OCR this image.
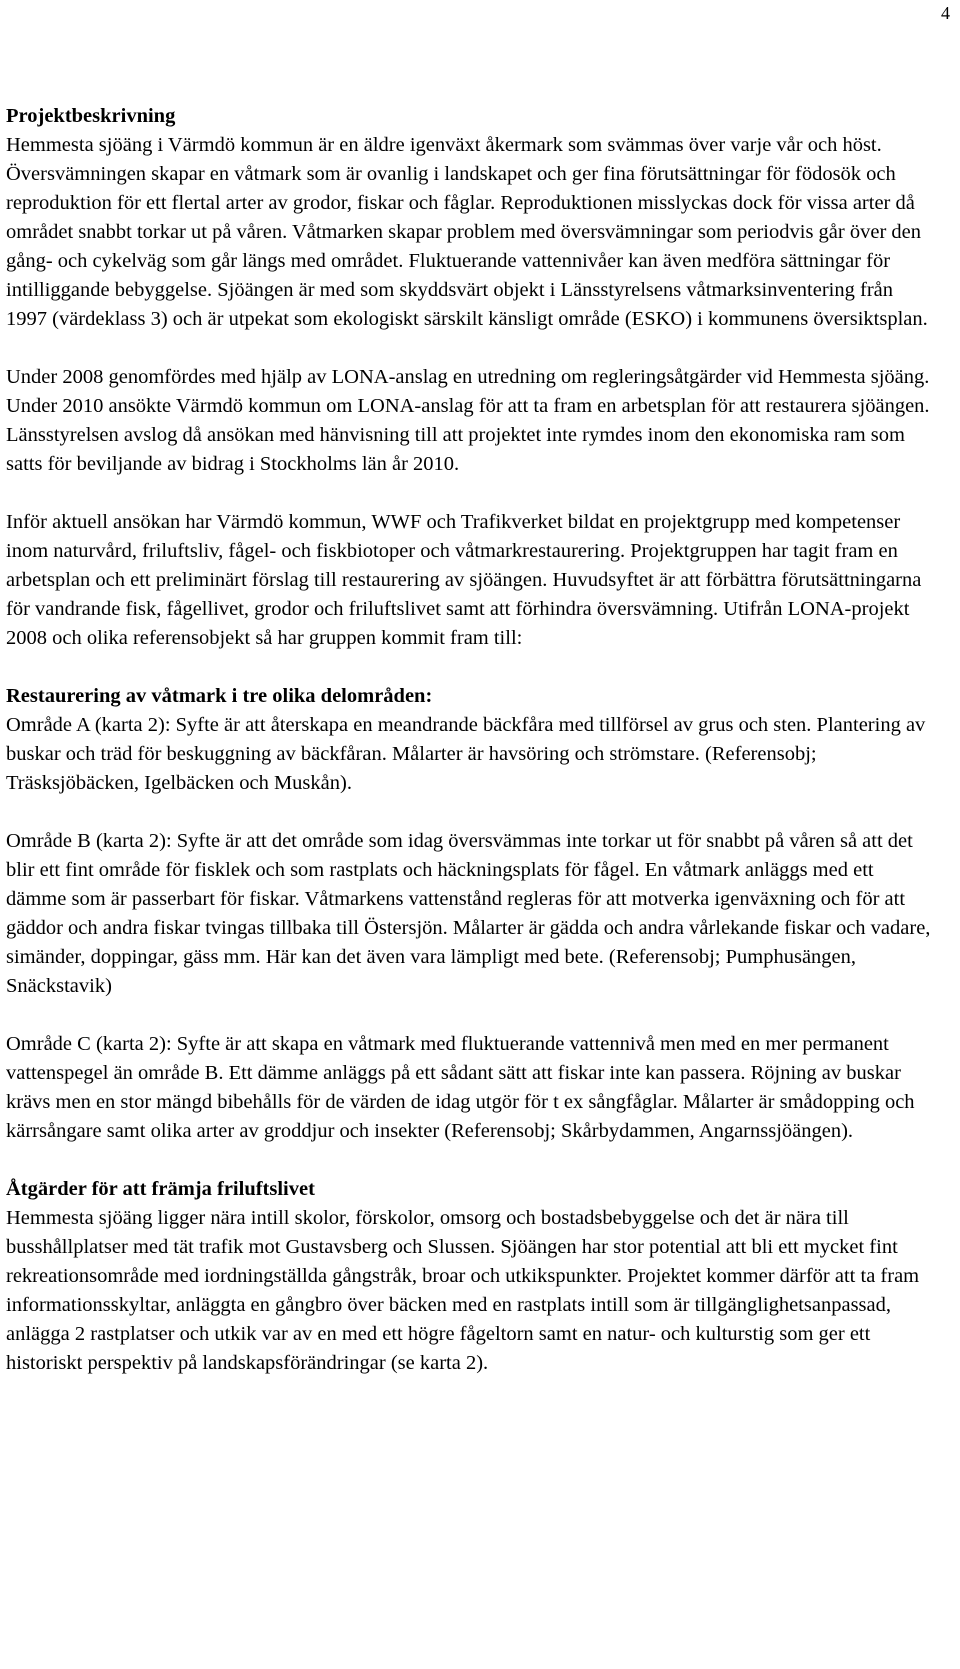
4
Projektbeskrivning

Hemmesta sjöäng i Värmdö kommun är en äldre igenväxt åkermark som svämmas över varje vår och höst. Översvämningen skapar en våtmark som är ovanlig i landskapet och ger fina förutsättningar för födosök och reproduktion för ett flertal arter av grodor, fiskar och fåglar. Reproduktionen misslyckas dock för vissa arter då området snabbt torkar ut på våren. Våtmarken skapar problem med översvämningar som periodvis går över den gång- och cykelväg som går längs med området. Fluktuerande vattennivåer kan även medföra sättningar för intilliggande bebyggelse. Sjöängen är med som skyddsvärt objekt i Länsstyrelsens våtmarksinventering från 1997 (värdeklass 3) och är utpekat som ekologiskt särskilt känsligt område (ESKO) i kommunens översiktsplan.

Under 2008 genomfördes med hjälp av LONA-anslag en utredning om regleringsåtgärder vid Hemmesta sjöäng. Under 2010 ansökte Värmdö kommun om LONA-anslag för att ta fram en arbetsplan för att restaurera sjöängen. Länsstyrelsen avslog då ansökan med hänvisning till att projektet inte rymdes inom den ekonomiska ram som satts för beviljande av bidrag i Stockholms län år 2010.

Inför aktuell ansökan har Värmdö kommun, WWF och Trafikverket bildat en projektgrupp med kompetenser inom naturvård, friluftsliv, fågel- och fiskbiotoper och våtmarkrestaurering. Projektgruppen har tagit fram en arbetsplan och ett preliminärt förslag till restaurering av sjöängen. Huvudsyftet är att förbättra förutsättningarna för vandrande fisk, fågellivet, grodor och friluftslivet samt att förhindra översvämning. Utifrån LONA-projekt 2008 och olika referensobjekt så har gruppen kommit fram till:

Restaurering av våtmark i tre olika delområden:

Område A (karta 2): Syfte är att återskapa en meandrande bäckfåra med tillförsel av grus och sten. Plantering av buskar och träd för beskuggning av bäckfåran. Målarter är havsöring och strömstare. (Referensobj; Träsksjöbäcken, Igelbäcken och Muskån).

Område B (karta 2): Syfte är att det område som idag översvämmas inte torkar ut för snabbt på våren så att det blir ett fint område för fisklek och som rastplats och häckningsplats för fågel. En våtmark anläggs med ett dämme som är passerbart för fiskar. Våtmarkens vattenstånd regleras för att motverka igenväxning och för att gäddor och andra fiskar tvingas tillbaka till Östersjön. Målarter är gädda och andra vårlekande fiskar och vadare, simänder, doppingar, gäss mm. Här kan det även vara lämpligt med bete. (Referensobj; Pumphusängen, Snäckstavik)

Område C (karta 2): Syfte är att skapa en våtmark med fluktuerande vattennivå men med en mer permanent vattenspegel än område B. Ett dämme anläggs på ett sådant sätt att fiskar inte kan passera. Röjning av buskar krävs men en stor mängd bibehålls för de värden de idag utgör för t ex sångfåglar. Målarter är smådopping och kärrsångare samt olika arter av groddjur och insekter (Referensobj; Skårbydammen, Angarnssjöängen).

Åtgärder för att främja friluftslivet

Hemmesta sjöäng ligger nära intill skolor, förskolor, omsorg och bostadsbebyggelse och det är nära till busshållplatser med tät trafik mot Gustavsberg och Slussen. Sjöängen har stor potential att bli ett mycket fint rekreationsområde med iordningställda gångstråk, broar och utkikspunkter. Projektet kommer därför att ta fram informationsskyltar, anläggta en gångbro över bäcken med en rastplats intill som är tillgänglighetsanpassad, anlägga 2 rastplatser och utkik var av en med ett högre fågeltorn samt en natur- och kulturstig som ger ett historiskt perspektiv på landskapsförändringar (se karta 2).
